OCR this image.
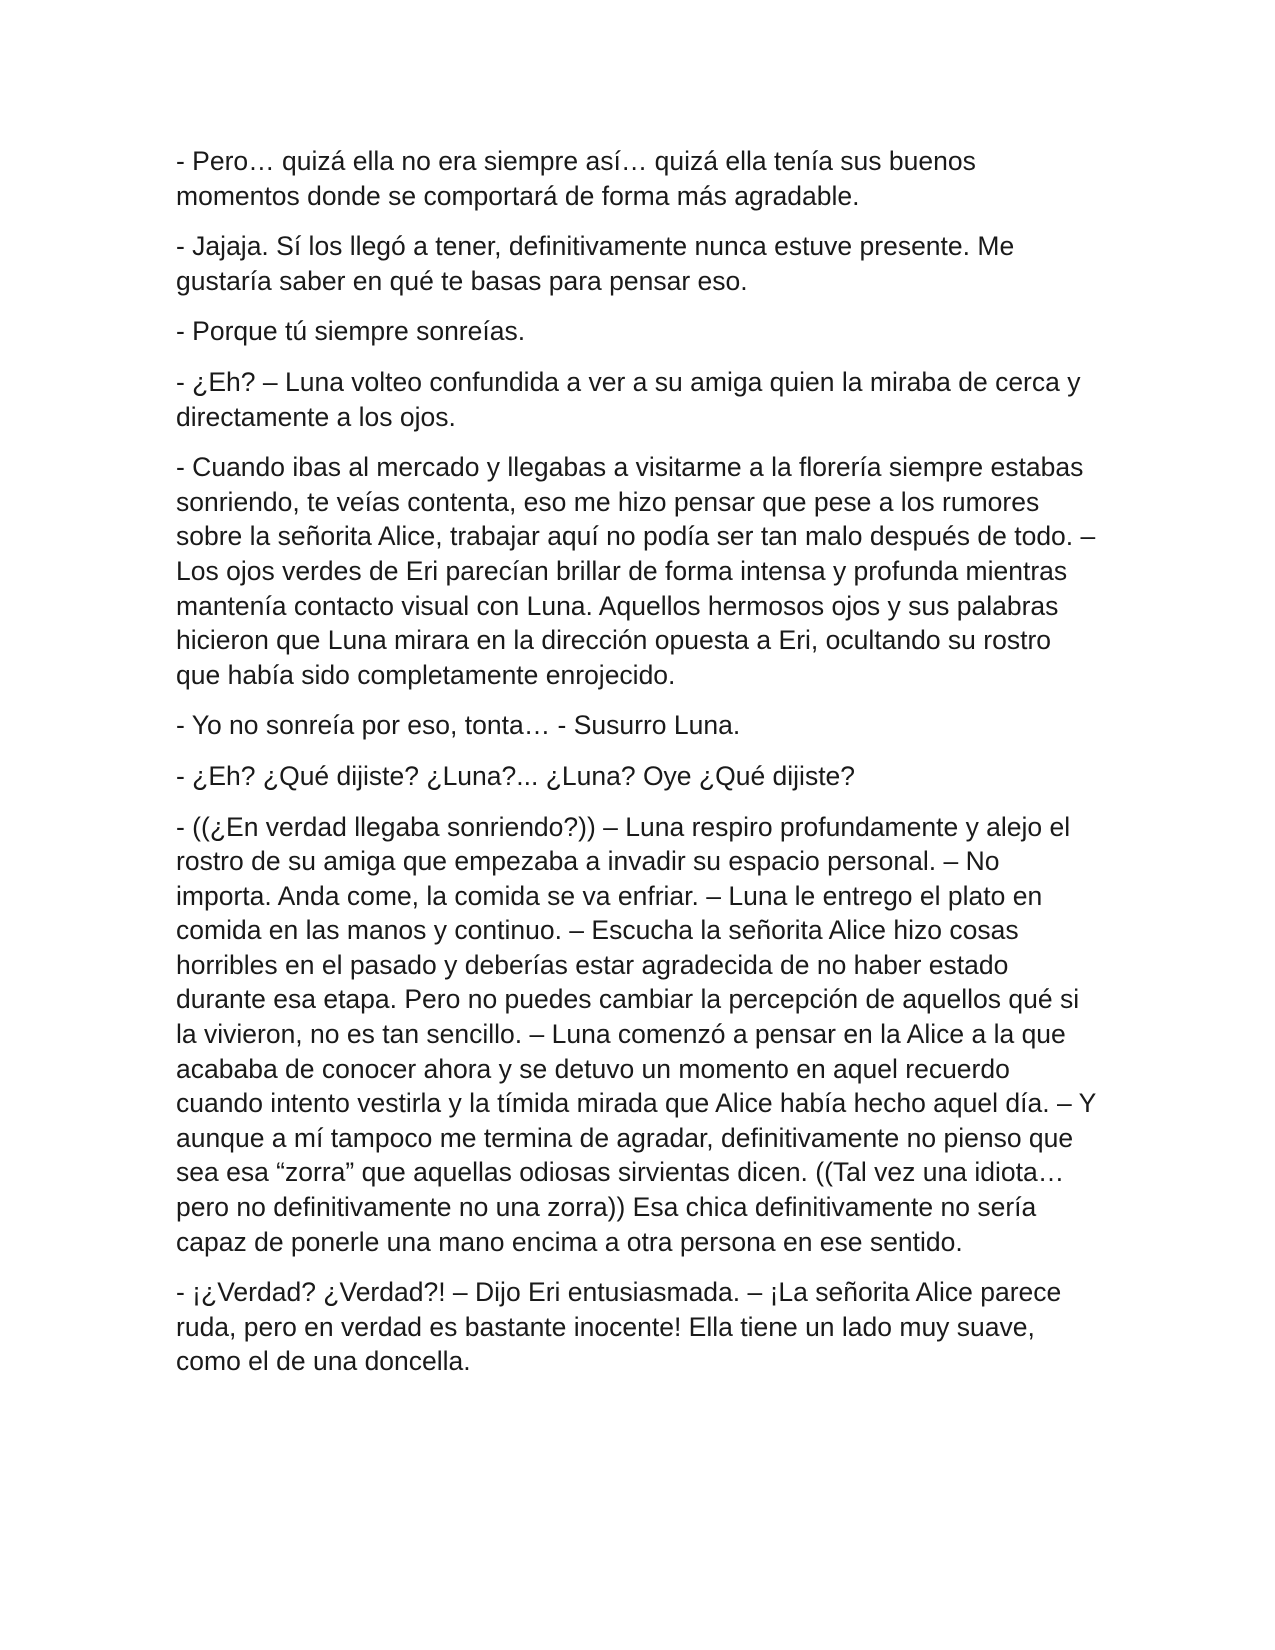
- Pero… quizá ella no era siempre así… quizá ella tenía sus buenos momentos donde se comportará de forma más agradable.

- Jajaja. Sí los llegó a tener, definitivamente nunca estuve presente. Me gustaría saber en qué te basas para pensar eso.

- Porque tú siempre sonreías.

- ¿Eh? – Luna volteo confundida a ver a su amiga quien la miraba de cerca y directamente a los ojos.

- Cuando ibas al mercado y llegabas a visitarme a la florería siempre estabas sonriendo, te veías contenta, eso me hizo pensar que pese a los rumores sobre la señorita Alice, trabajar aquí no podía ser tan malo después de todo. – Los ojos verdes de Eri parecían brillar de forma intensa y profunda mientras mantenía contacto visual con Luna. Aquellos hermosos ojos y sus palabras hicieron que Luna mirara en la dirección opuesta a Eri, ocultando su rostro que había sido completamente enrojecido.

- Yo no sonreía por eso, tonta… - Susurro Luna.

- ¿Eh? ¿Qué dijiste? ¿Luna?... ¿Luna? Oye ¿Qué dijiste?

- ((¿En verdad llegaba sonriendo?)) – Luna respiro profundamente y alejo el rostro de su amiga que empezaba a invadir su espacio personal. – No importa. Anda come, la comida se va enfriar. – Luna le entrego el plato en comida en las manos y continuo. – Escucha la señorita Alice hizo cosas horribles en el pasado y deberías estar agradecida de no haber estado durante esa etapa. Pero no puedes cambiar la percepción de aquellos qué si la vivieron, no es tan sencillo. – Luna comenzó a pensar en la Alice a la que acababa de conocer ahora y se detuvo un momento en aquel recuerdo cuando intento vestirla y la tímida mirada que Alice había hecho aquel día. – Y aunque a mí tampoco me termina de agradar, definitivamente no pienso que sea esa “zorra” que aquellas odiosas sirvientas dicen. ((Tal vez una idiota… pero no definitivamente no una zorra)) Esa chica definitivamente no sería capaz de ponerle una mano encima a otra persona en ese sentido.

- ¡¿Verdad? ¿Verdad?! – Dijo Eri entusiasmada. – ¡La señorita Alice parece ruda, pero en verdad es bastante inocente! Ella tiene un lado muy suave, como el de una doncella.
